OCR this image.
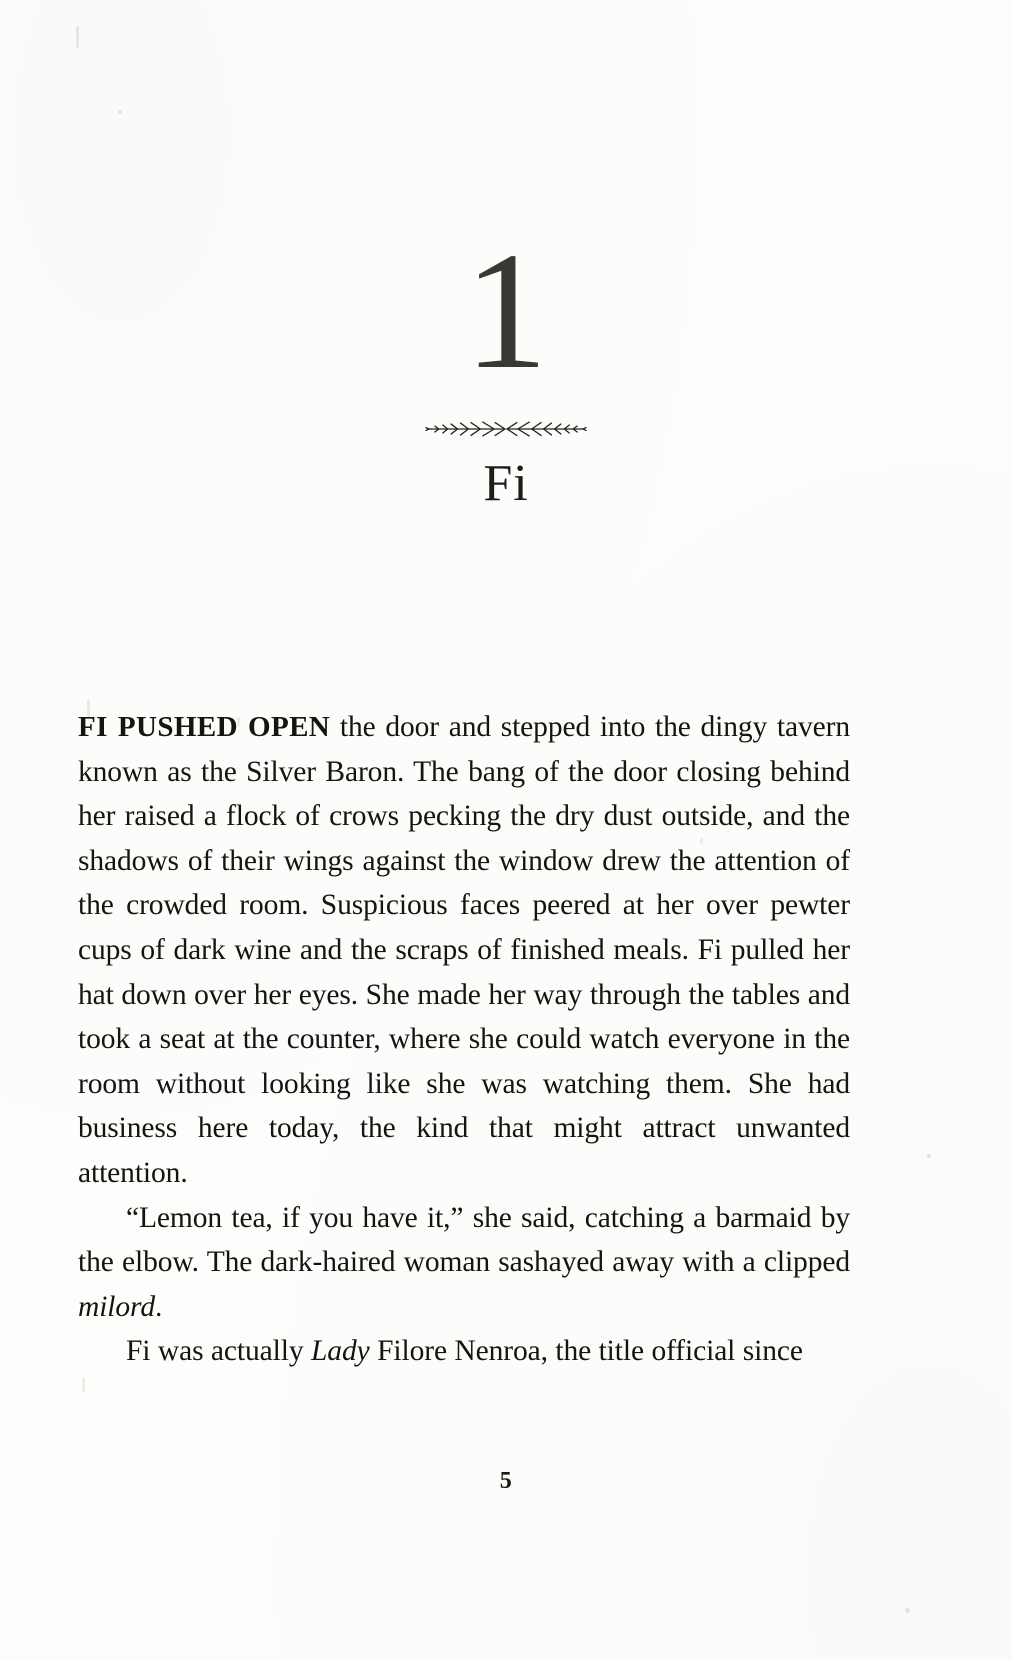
1
Fi

FI PUSHED OPEN the door and stepped into the dingy tavern known as the Silver Baron. The bang of the door closing behind her raised a flock of crows pecking the dry dust outside, and the shadows of their wings against the window drew the attention of the crowded room. Suspicious faces peered at her over pewter cups of dark wine and the scraps of finished meals. Fi pulled her hat down over her eyes. She made her way through the tables and took a seat at the counter, where she could watch everyone in the room without looking like she was watching them. She had business here today, the kind that might attract unwanted attention.

“Lemon tea, if you have it,” she said, catching a barmaid by the elbow. The dark-haired woman sashayed away with a clipped milord.

Fi was actually Lady Filore Nenroa, the title official since

5
